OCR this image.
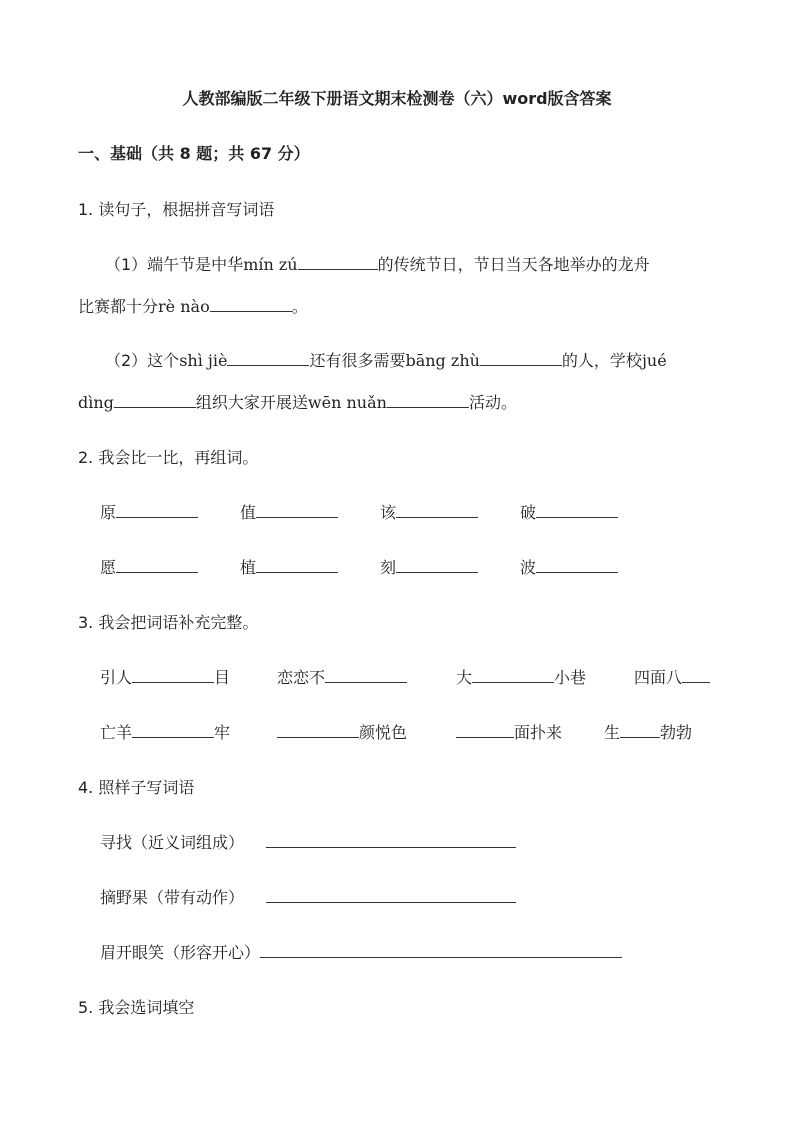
人教部编版二年级下册语文期末检测卷（六）word版含答案
一、基础（共 8 题；共 67 分）
1. 读句子，根据拼音写词语
（1）端午节是中华mín zú	的传统节日，节日当天各地举办的龙舟
比赛都十分rè nào	。
（2）这个shì jiè	还有很多需要bāng zhù	的人，学校jué
dìng	组织大家开展送wēn nuǎn	活动。
2. 我会比一比，再组词。
原	值	该	破
愿	植	刻	波
3. 我会把词语补充完整。
引人	目	恋恋不	大	小巷	四面八
亡羊	牢	颜悦色	面扑来	生	勃勃
4. 照样子写词语
寻找（近义词组成）
摘野果（带有动作）
眉开眼笑（形容开心）
5. 我会选词填空
